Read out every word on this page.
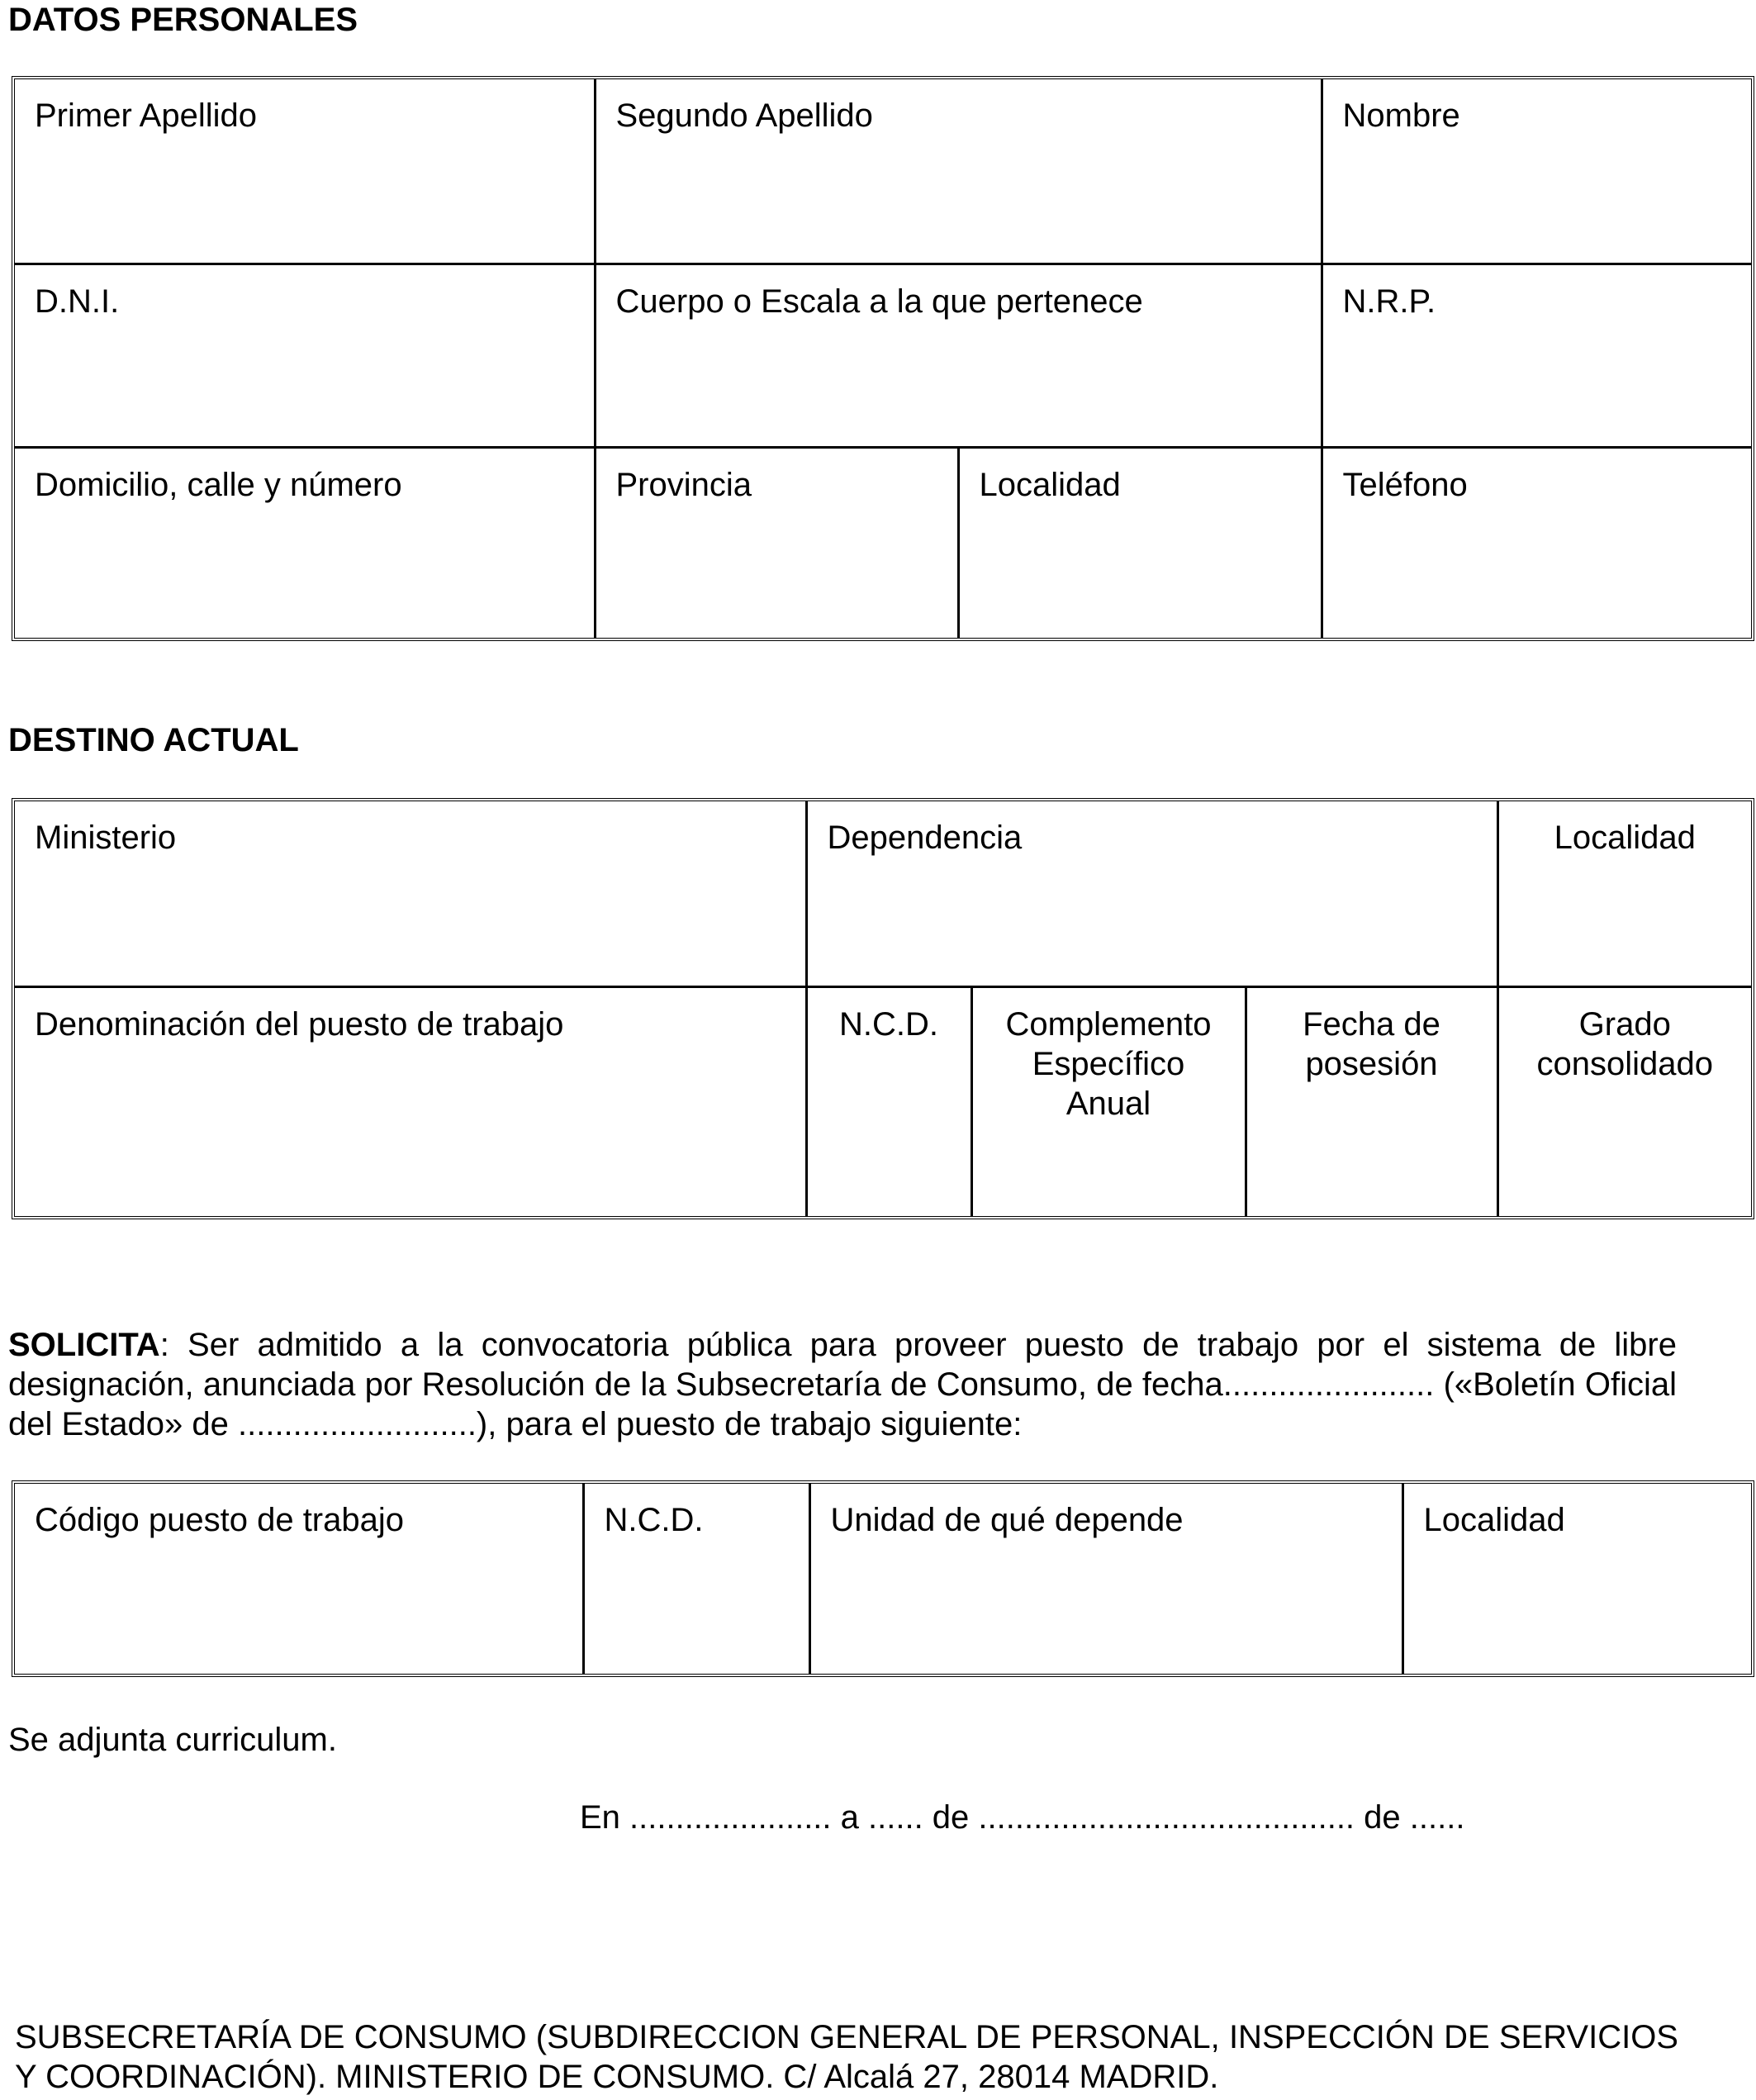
DATOS PERSONALES
Primer Apellido	Segundo Apellido		Nombre
D.N.I.	Cuerpo o Escala a la que pertenece		N.R.P.
Domicilio, calle y número	Provincia	Localidad	Teléfono
DESTINO ACTUAL
Ministerio	Dependencia			Localidad
Denominación del puesto de trabajo	N.C.D.	Complemento Específico Anual	Fecha de posesión	Grado consolidado

SOLICITA: Ser admitido a la convocatoria pública para proveer puesto de trabajo por el sistema de libre designación, anunciada por Resolución de la Subsecretaría de Consumo, de fecha....................... («Boletín Oficial del Estado» de ..........................), para el puesto de trabajo siguiente:

Código puesto de trabajo	N.C.D.	Unidad de qué depende	Localidad

Se adjunta curriculum.

En ...................... a ...... de ......................................... de ......

SUBSECRETARÍA DE CONSUMO (SUBDIRECCION GENERAL DE PERSONAL, INSPECCIÓN DE SERVICIOS Y COORDINACIÓN). MINISTERIO DE CONSUMO. C/ Alcalá 27, 28014 MADRID.
